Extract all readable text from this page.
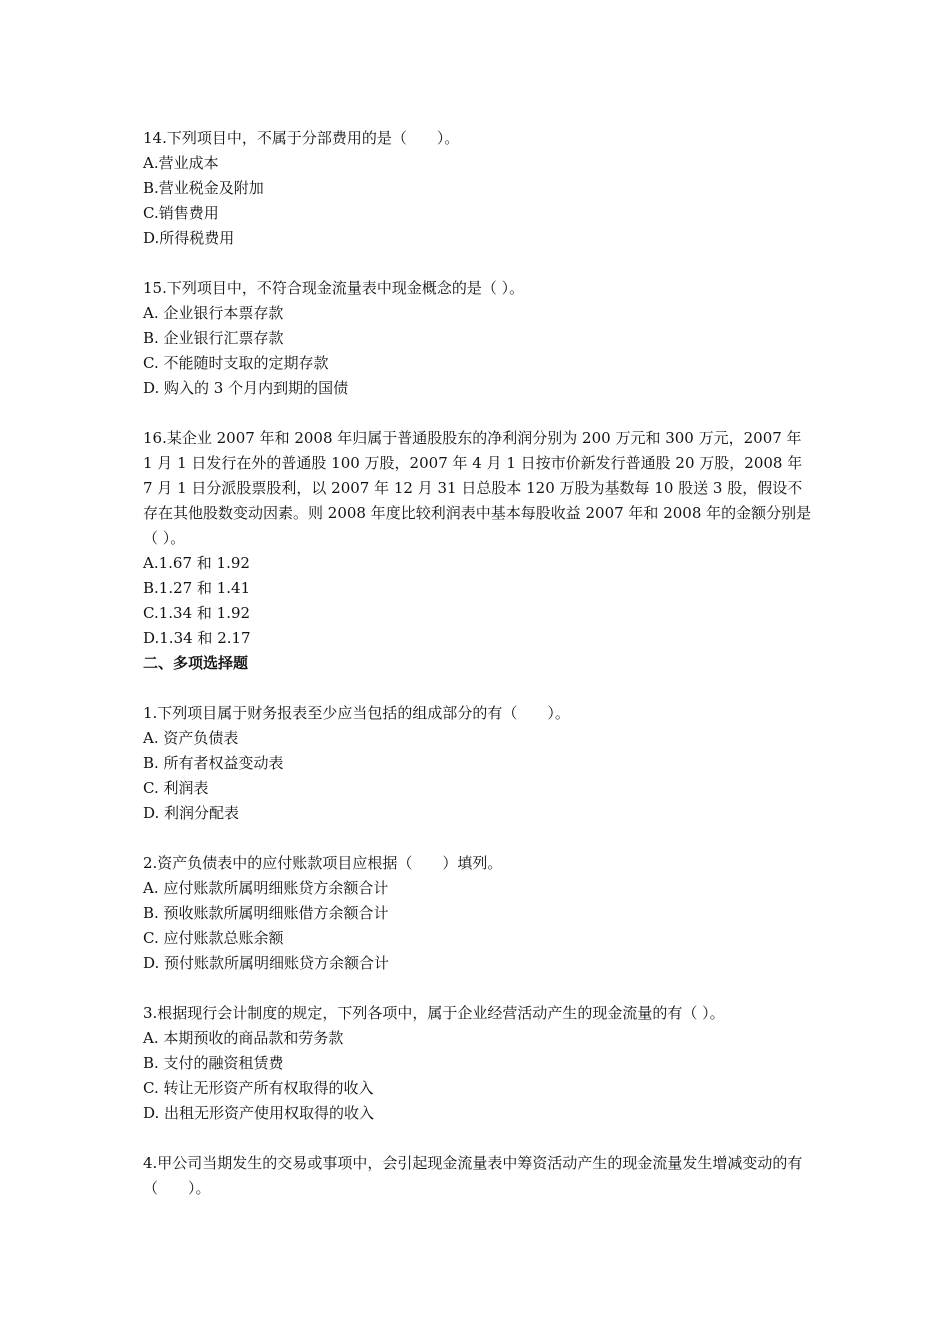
14.下列项目中，不属于分部费用的是（　　）。

A.营业成本

B.营业税金及附加

C.销售费用

D.所得税费用

15.下列项目中，不符合现金流量表中现金概念的是（ ）。

A. 企业银行本票存款

B. 企业银行汇票存款

C. 不能随时支取的定期存款

D. 购入的 3 个月内到期的国债

16.某企业 2007 年和 2008 年归属于普通股股东的净利润分别为 200 万元和 300 万元，2007 年 1 月 1 日发行在外的普通股 100 万股，2007 年 4 月 1 日按市价新发行普通股 20 万股，2008 年 7 月 1 日分派股票股利，以 2007 年 12 月 31 日总股本 120 万股为基数每 10 股送 3 股，假设不存在其他股数变动因素。则 2008 年度比较利润表中基本每股收益 2007 年和 2008 年的金额分别是（ ）。

A.1.67 和 1.92

B.1.27 和 1.41

C.1.34 和 1.92

D.1.34 和 2.17

二、多项选择题

1.下列项目属于财务报表至少应当包括的组成部分的有（　　）。

A. 资产负债表

B. 所有者权益变动表

C. 利润表

D. 利润分配表

2.资产负债表中的应付账款项目应根据（　　）填列。

A. 应付账款所属明细账贷方余额合计

B. 预收账款所属明细账借方余额合计

C. 应付账款总账余额

D. 预付账款所属明细账贷方余额合计

3.根据现行会计制度的规定，下列各项中，属于企业经营活动产生的现金流量的有（ ）。

A. 本期预收的商品款和劳务款

B. 支付的融资租赁费

C. 转让无形资产所有权取得的收入

D. 出租无形资产使用权取得的收入

4.甲公司当期发生的交易或事项中，会引起现金流量表中筹资活动产生的现金流量发生增减变动的有（　　）。
